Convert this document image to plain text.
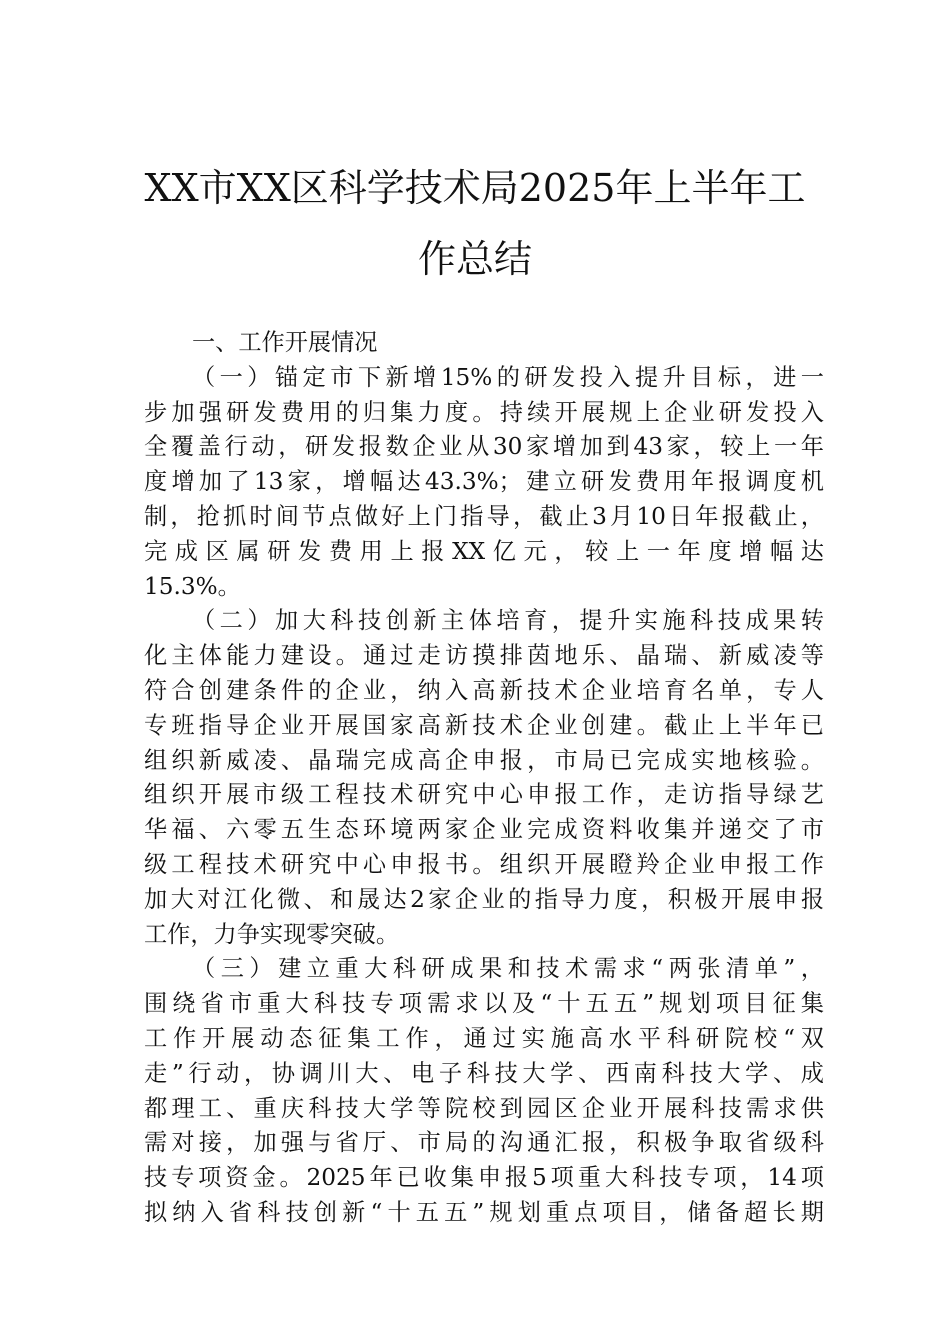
XX市XX区科学技术局2025年上半年工
作总结
一、工作开展情况
（一）锚定市下新增15%的研发投入提升目标，进一
步加强研发费用的归集力度。持续开展规上企业研发投入
全覆盖行动，研发报数企业从30家增加到43家，较上一年
度增加了13家，增幅达43.3%；建立研发费用年报调度机
制，抢抓时间节点做好上门指导，截止3月10日年报截止，
完成区属研发费用上报XX亿元，较上一年度增幅达
15.3%。
（二）加大科技创新主体培育，提升实施科技成果转
化主体能力建设。通过走访摸排茵地乐、晶瑞、新威凌等
符合创建条件的企业，纳入高新技术企业培育名单，专人
专班指导企业开展国家高新技术企业创建。截止上半年已
组织新威凌、晶瑞完成高企申报，市局已完成实地核验。
组织开展市级工程技术研究中心申报工作，走访指导绿艺
华福、六零五生态环境两家企业完成资料收集并递交了市
级工程技术研究中心申报书。组织开展瞪羚企业申报工作
加大对江化微、和晟达2家企业的指导力度，积极开展申报
工作，力争实现零突破。
（三）建立重大科研成果和技术需求“两张清单”，
围绕省市重大科技专项需求以及“十五五”规划项目征集
工作开展动态征集工作，通过实施高水平科研院校“双
走”行动，协调川大、电子科技大学、西南科技大学、成
都理工、重庆科技大学等院校到园区企业开展科技需求供
需对接，加强与省厅、市局的沟通汇报，积极争取省级科
技专项资金。2025年已收集申报5项重大科技专项，14项
拟纳入省科技创新“十五五”规划重点项目，储备超长期
